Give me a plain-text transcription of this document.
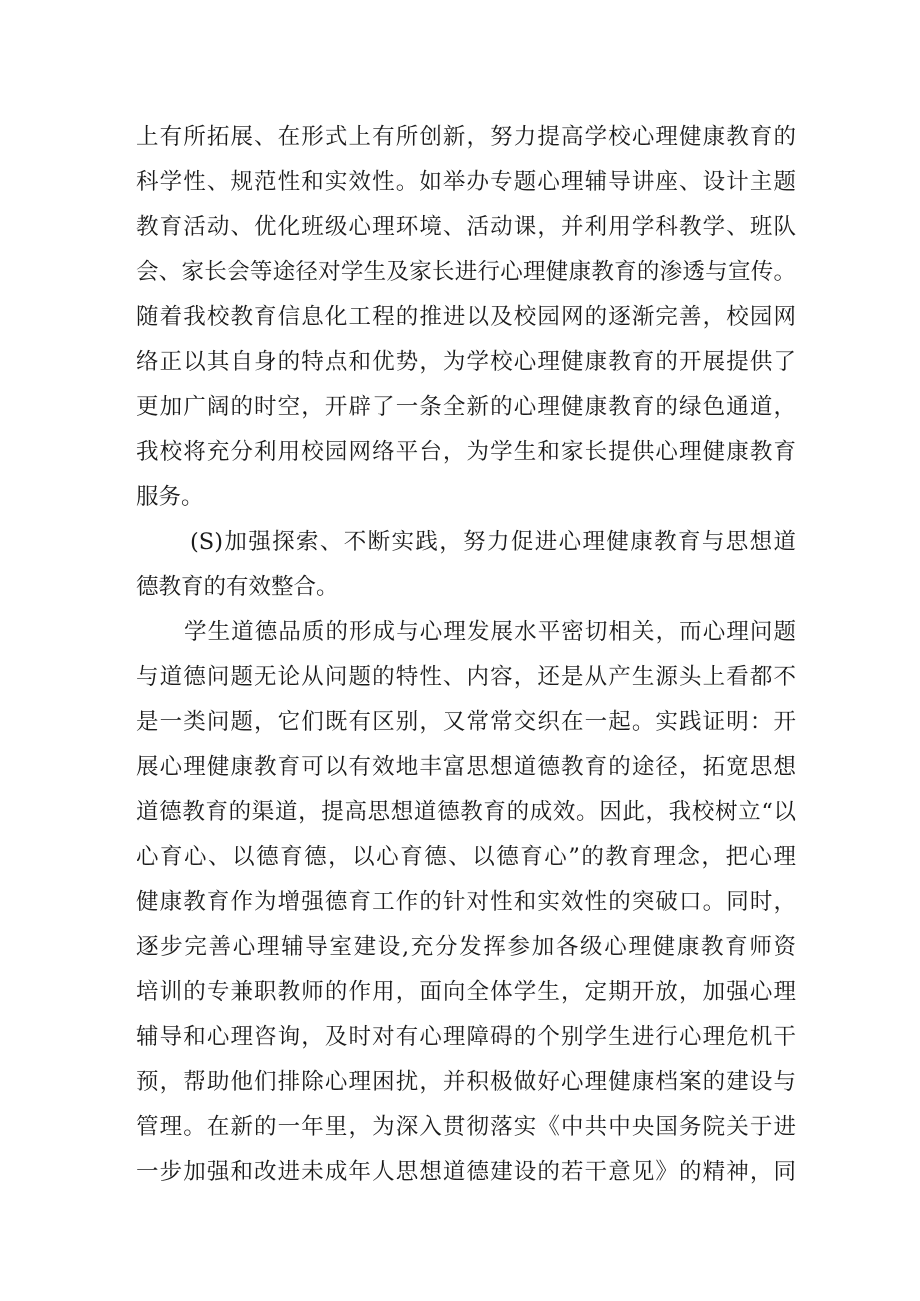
上有所拓展、在形式上有所创新，努力提高学校心理健康教育的
科学性、规范性和实效性。如举办专题心理辅导讲座、设计主题
教育活动、优化班级心理环境、活动课，并利用学科教学、班队
会、家长会等途径对学生及家长进行心理健康教育的渗透与宣传。
随着我校教育信息化工程的推进以及校园网的逐渐完善，校园网
络正以其自身的特点和优势，为学校心理健康教育的开展提供了
更加广阔的时空，开辟了一条全新的心理健康教育的绿色通道，
我校将充分利用校园网络平台，为学生和家长提供心理健康教育
服务。
(S)加强探索、不断实践，努力促进心理健康教育与思想道
德教育的有效整合。
学生道德品质的形成与心理发展水平密切相关，而心理问题
与道德问题无论从问题的特性、内容，还是从产生源头上看都不
是一类问题，它们既有区别，又常常交织在一起。实践证明：开
展心理健康教育可以有效地丰富思想道德教育的途径，拓宽思想
道德教育的渠道，提高思想道德教育的成效。因此，我校树立“以
心育心、以德育德，以心育德、以德育心”的教育理念，把心理
健康教育作为增强德育工作的针对性和实效性的突破口。同时，
逐步完善心理辅导室建设,充分发挥参加各级心理健康教育师资
培训的专兼职教师的作用，面向全体学生，定期开放，加强心理
辅导和心理咨询，及时对有心理障碍的个别学生进行心理危机干
预，帮助他们排除心理困扰，并积极做好心理健康档案的建设与
管理。在新的一年里，为深入贯彻落实《中共中央国务院关于进
一步加强和改进未成年人思想道德建设的若干意见》的精神，同
